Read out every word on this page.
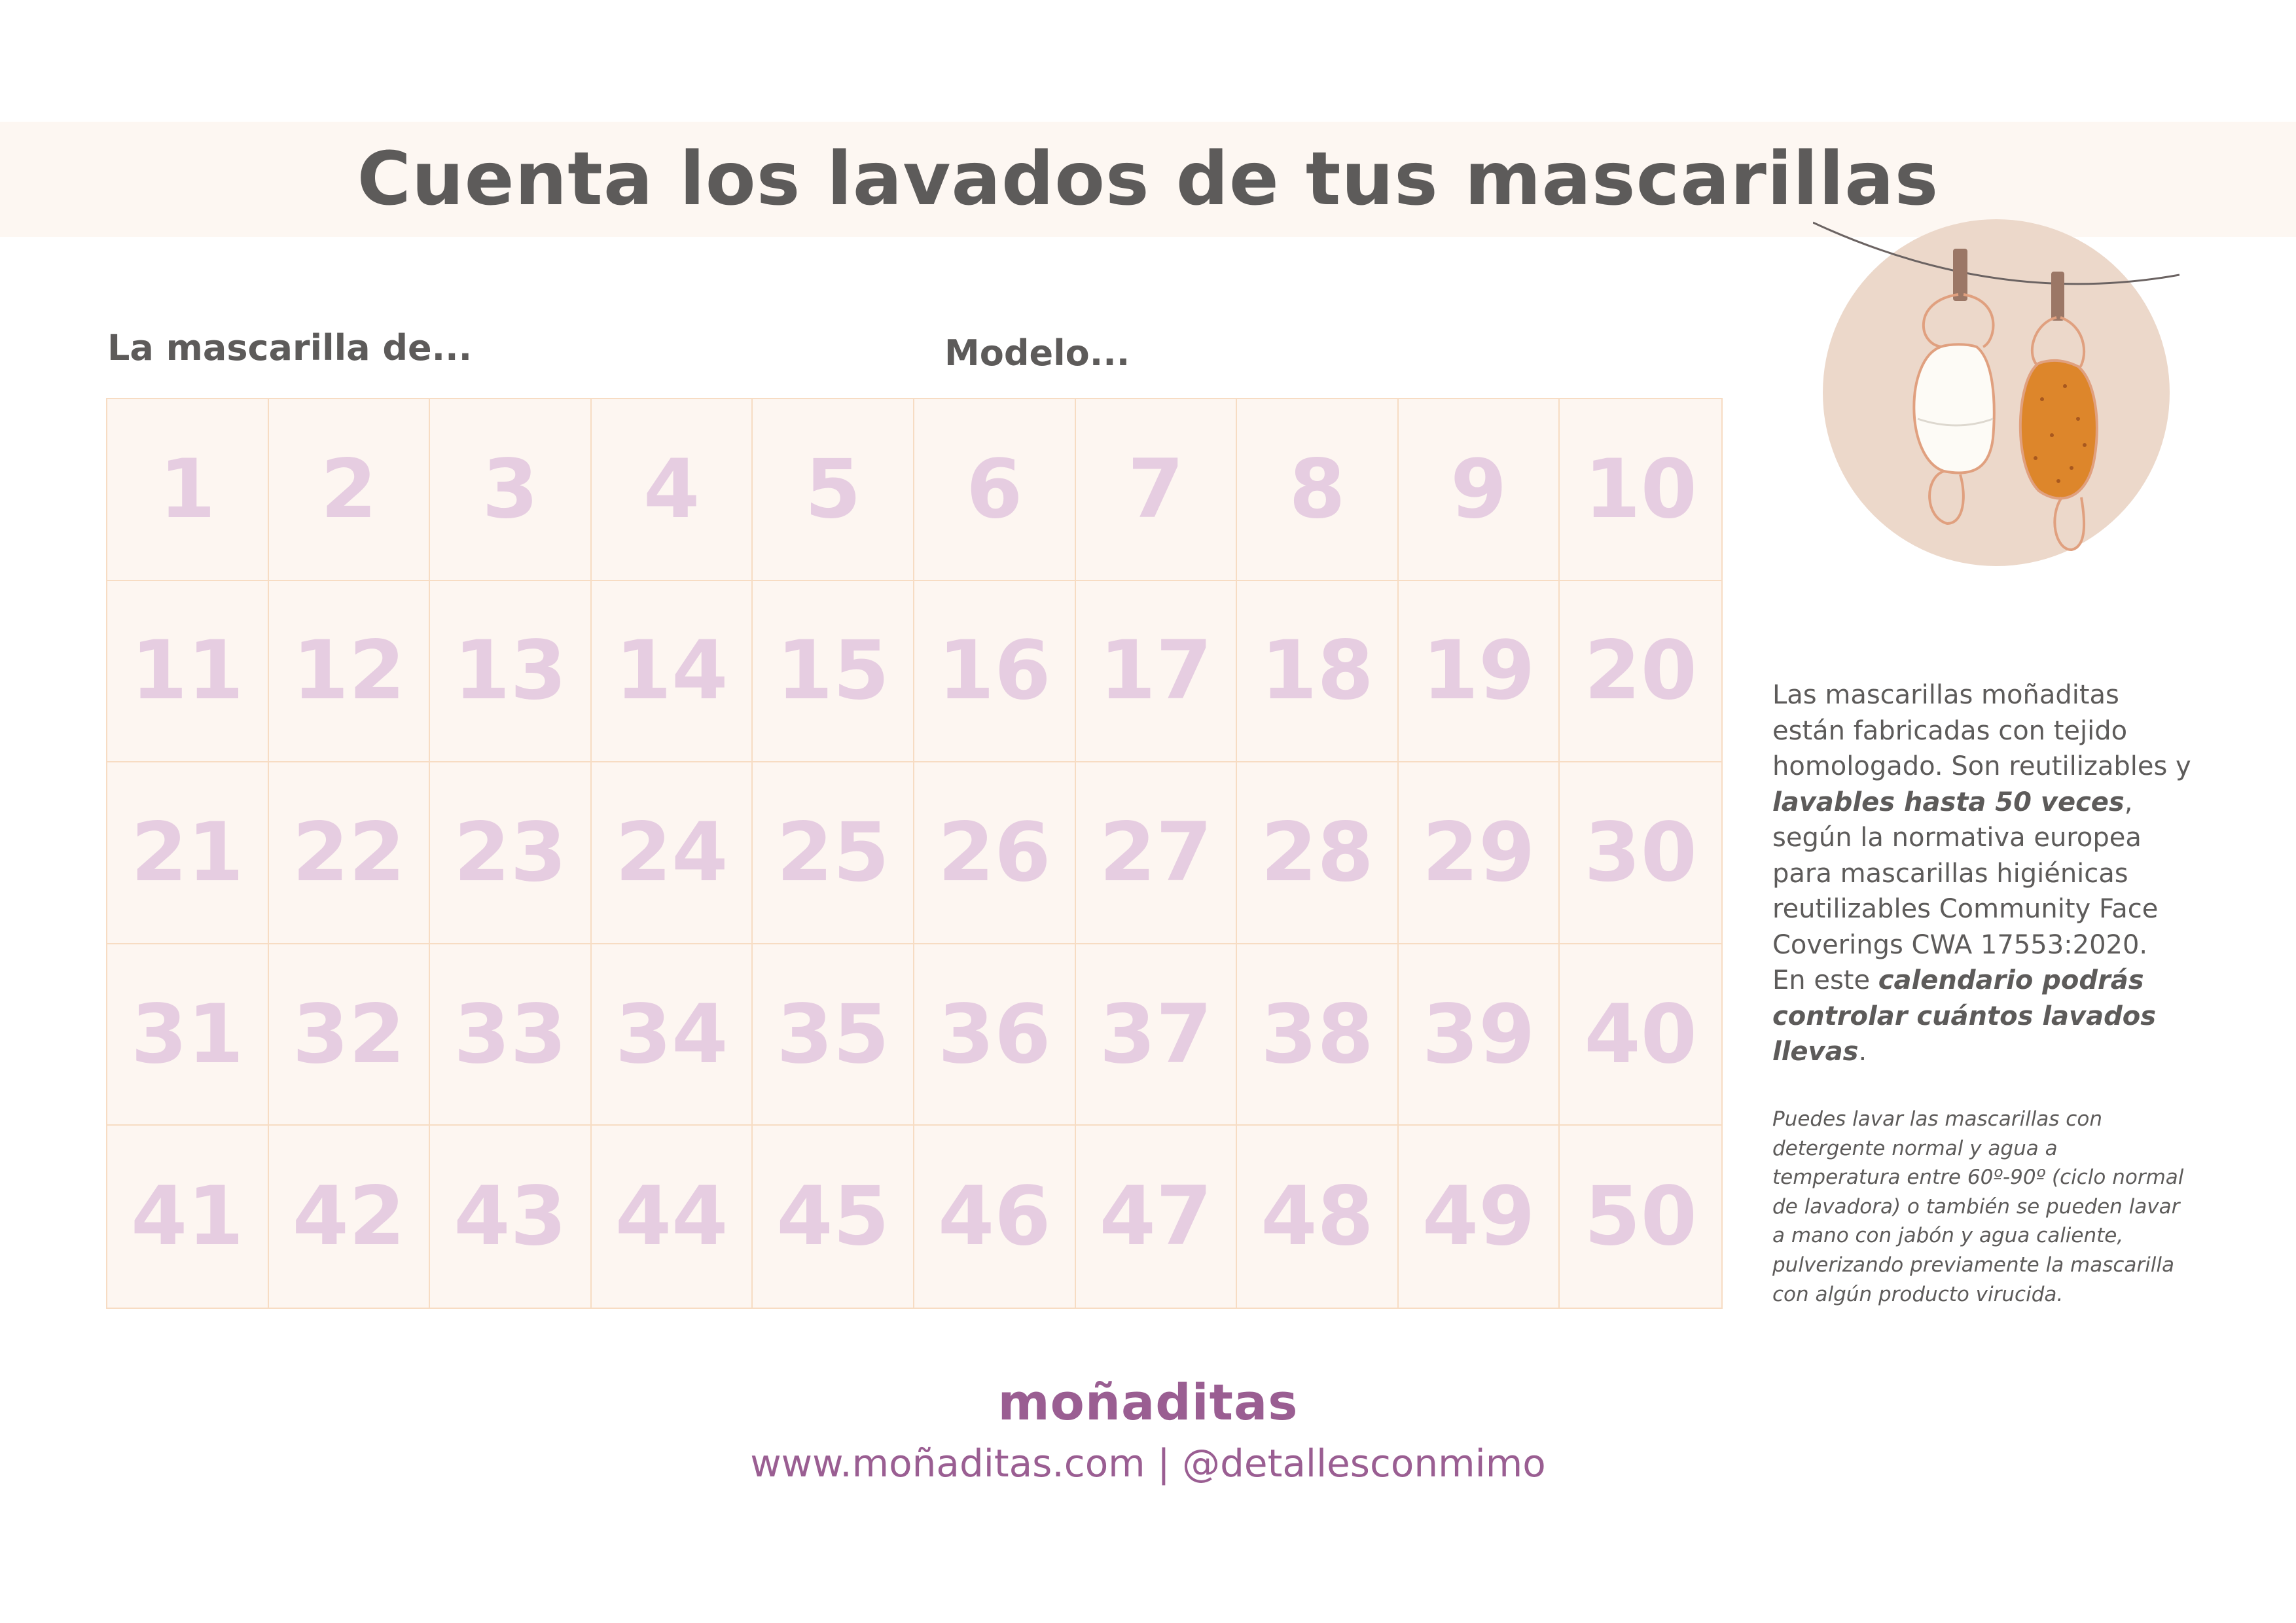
Cuenta los lavados de tus mascarillas
La mascarilla de...	Modelo...
1	2	3	4	5	6	7	8	9 10
11 12 13 14 15 16 17 18 19 20
21 22 23 24 25 26 27 28 29 30
31 32 33 34 35 36 37 38 39 40
41 42 43 44 45 46 47 48 49 50

Las mascarillas moñaditas están fabricadas con tejido homologado. Son reutilizables y lavables hasta 50 veces, según la normativa europea para mascarillas higiénicas reutilizables Community Face Coverings CWA 17553:2020.

En este calendario podrás controlar cuántos lavados llevas.

Puedes lavar las mascarillas con detergente normal y agua a temperatura entre 60º-90º (ciclo normal de lavadora) o también se pueden lavar a mano con jabón y agua caliente, pulverizando previamente la mascarilla con algún producto virucida.

moñaditas
www.moñaditas.com | @detallesconmimo
